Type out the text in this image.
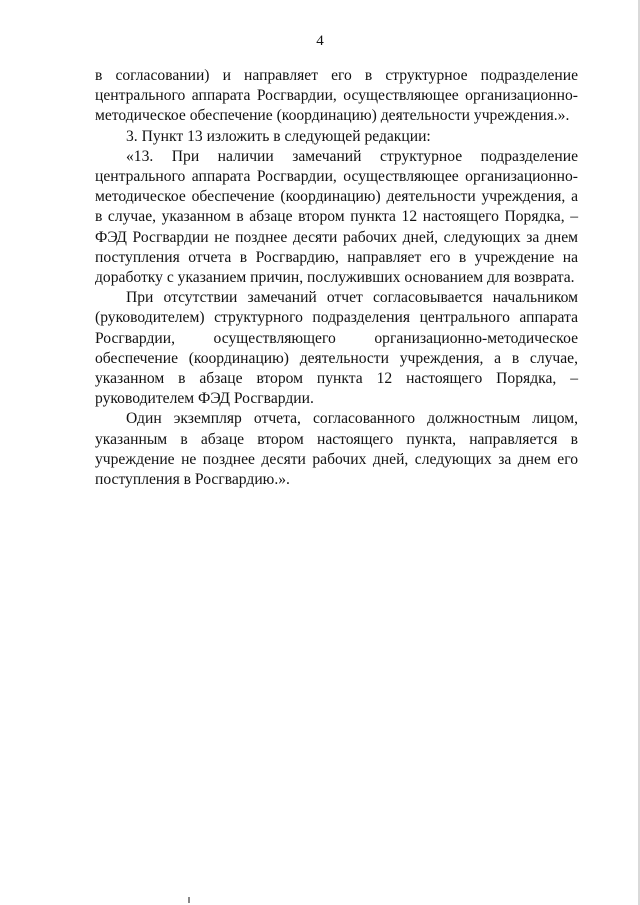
4

в согласовании) и направляет его в структурное подразделение центрального аппарата Росгвардии, осуществляющее организационно-методическое обеспечение (координацию) деятельности учреждения.».

3. Пункт 13 изложить в следующей редакции:

«13. При наличии замечаний структурное подразделение центрального аппарата Росгвардии, осуществляющее организационно-методическое обеспечение (координацию) деятельности учреждения, а в случае, указанном в абзаце втором пункта 12 настоящего Порядка, – ФЭД Росгвардии не позднее десяти рабочих дней, следующих за днем поступления отчета в Росгвардию, направляет его в учреждение на доработку с указанием причин, послуживших основанием для возврата.

При отсутствии замечаний отчет согласовывается начальником (руководителем) структурного подразделения центрального аппарата Росгвардии, осуществляющего организационно-методическое обеспечение (координацию) деятельности учреждения, а в случае, указанном в абзаце втором пункта 12 настоящего Порядка, – руководителем ФЭД Росгвардии.

Один экземпляр отчета, согласованного должностным лицом, указанным в абзаце втором настоящего пункта, направляется в учреждение не позднее десяти рабочих дней, следующих за днем его поступления в Росгвардию.».
